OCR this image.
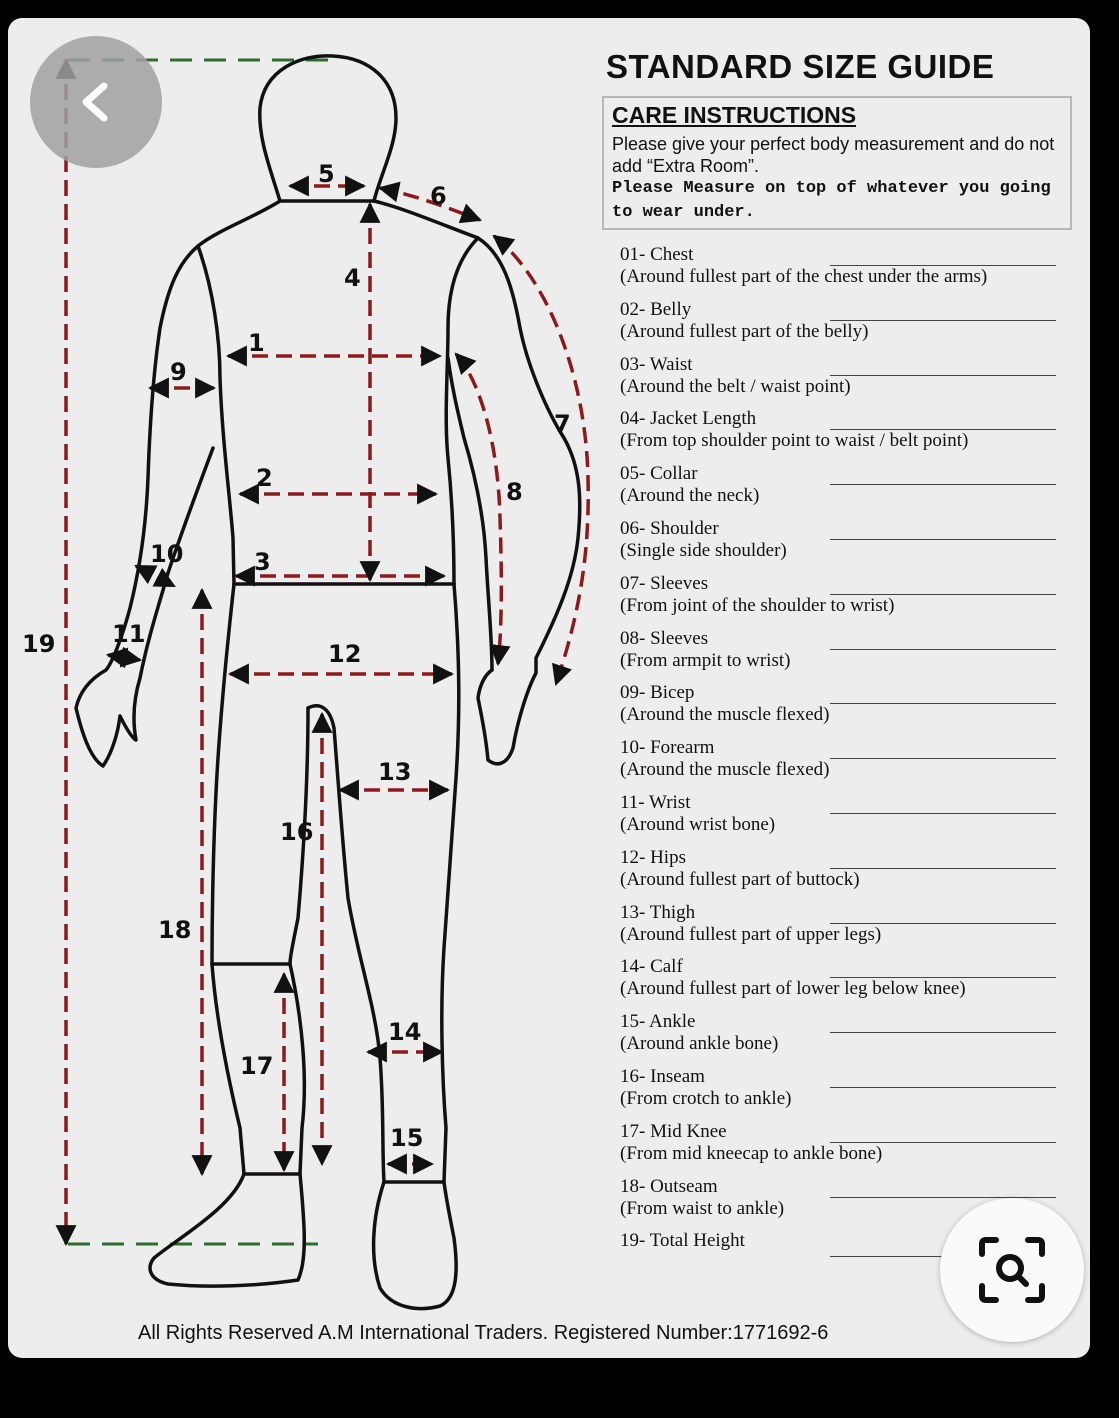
1
2
3
4
5
6
7
8
9
10
11
12
13
14
15
16
17
18
19
STANDARD SIZE GUIDE
CARE INSTRUCTIONS
Please give your perfect body measurement and do not add “Extra Room”.
Please Measure on top of whatever you going to wear under.
01- Chest
(Around fullest part of the chest under the arms)
02- Belly
(Around fullest part of the belly)
03- Waist
(Around the belt / waist point)
04- Jacket Length
(From top shoulder point to waist / belt point)
05- Collar
(Around the neck)
06- Shoulder
(Single side shoulder)
07- Sleeves
(From joint of the shoulder to wrist)
08- Sleeves
(From armpit to wrist)
09- Bicep
(Around the muscle flexed)
10- Forearm
(Around the muscle flexed)
11- Wrist
(Around wrist bone)
12- Hips
(Around fullest part of buttock)
13- Thigh
(Around fullest part of upper legs)
14- Calf
(Around fullest part of lower leg below knee)
15- Ankle
(Around ankle bone)
16- Inseam
(From crotch to ankle)
17- Mid Knee
(From mid kneecap to ankle bone)
18- Outseam
(From waist to ankle)
19- Total Height
All Rights Reserved A.M International Traders. Registered Number:1771692-6
